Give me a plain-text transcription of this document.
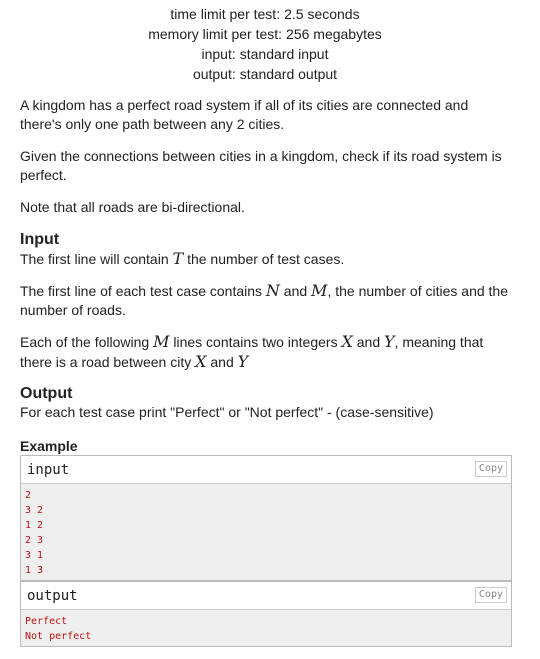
time limit per test: 2.5 seconds
memory limit per test: 256 megabytes
input: standard input
output: standard output
A kingdom has a perfect road system if all of its cities are connected and there's only one path between any 2 cities.
Given the connections between cities in a kingdom, check if its road system is perfect.
Note that all roads are bi-directional.
Input
The first line will contain T the number of test cases.
The first line of each test case contains N and M, the number of cities and the number of roads.
Each of the following M lines contains two integers X and Y, meaning that there is a road between city X and Y
Output
For each test case print "Perfect" or "Not perfect" - (case-sensitive)
Example
input	Copy
2
3 2
1 2
2 3
3 1
1 3
output	Copy
Perfect
Not perfect
